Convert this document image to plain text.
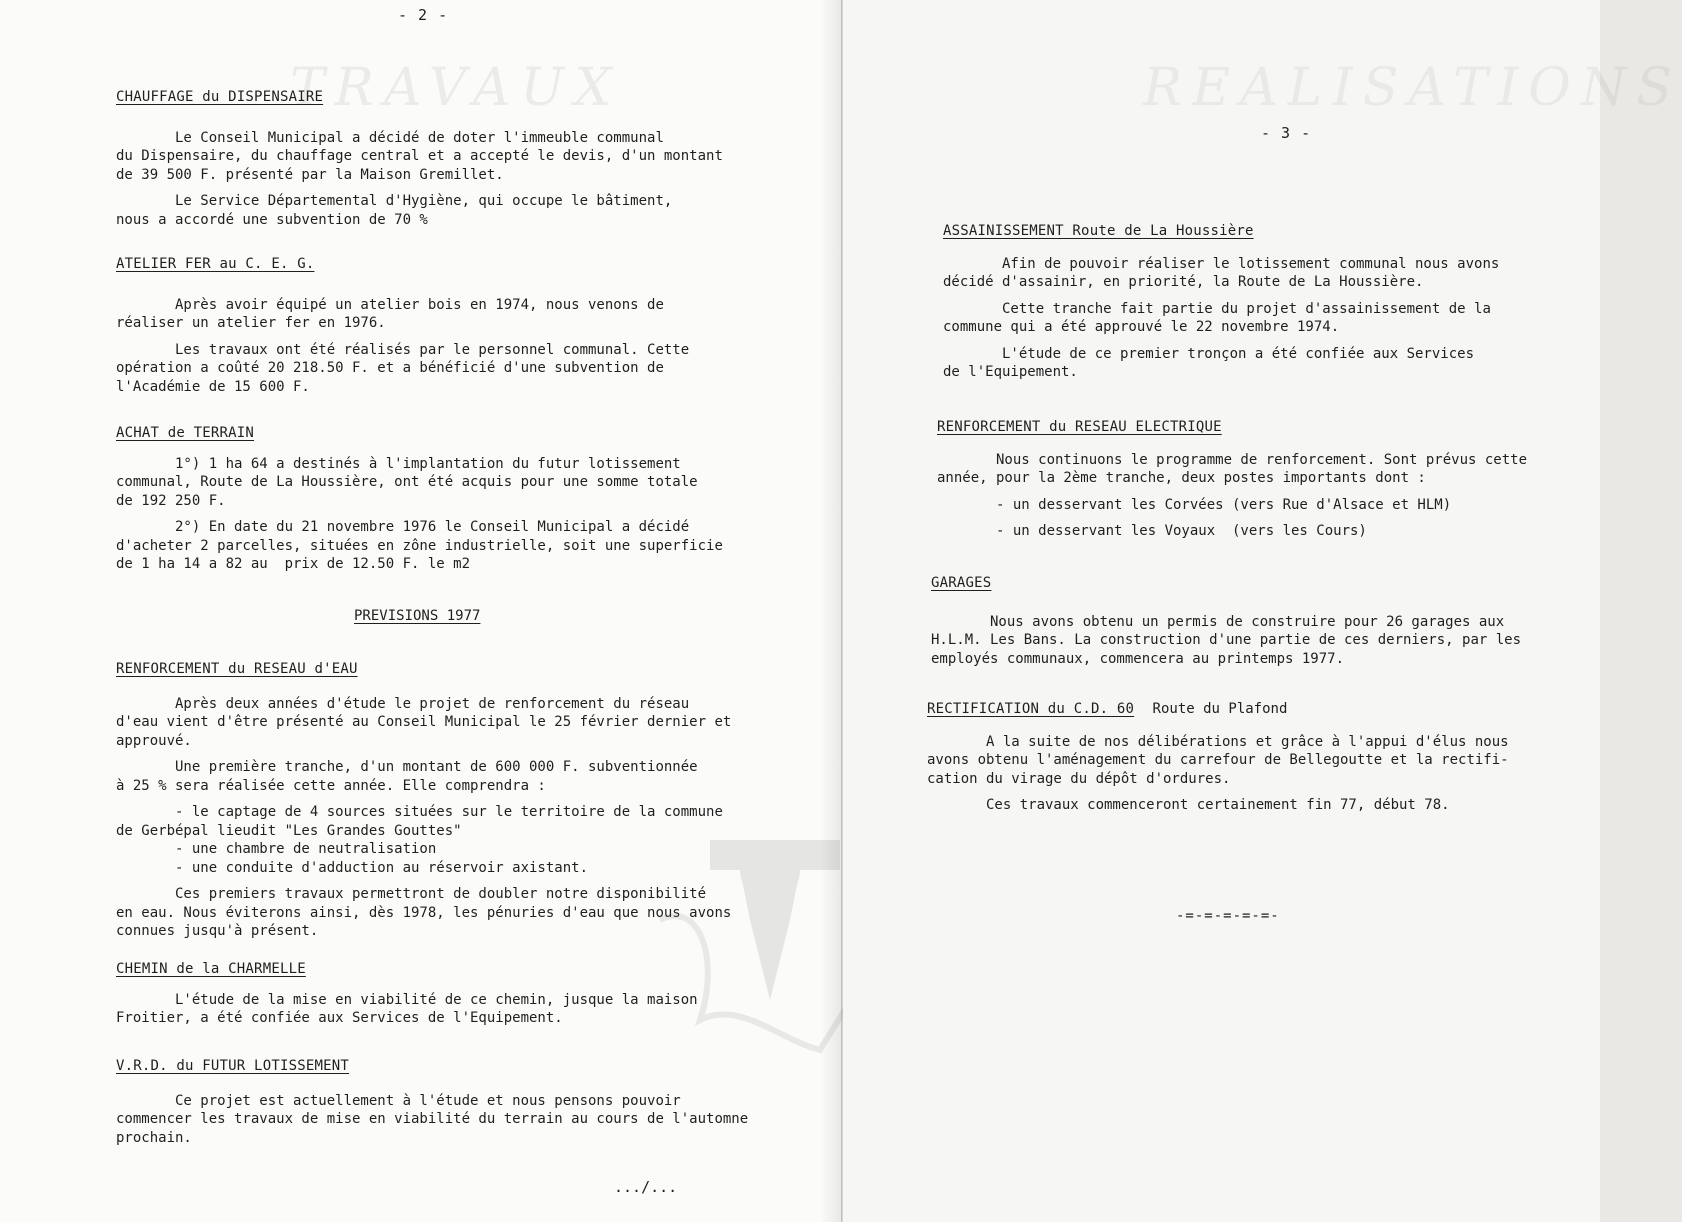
TRAVAUX
- 2 -

CHAUFFAGE du DISPENSAIRE

Le Conseil Municipal a décidé de doter l'immeuble communal
du Dispensaire, du chauffage central et a accepté le devis, d'un montant
de 39 500 F. présenté par la Maison Gremillet.

Le Service Départemental d'Hygiène, qui occupe le bâtiment,
nous a accordé une subvention de 70 %

ATELIER FER au C. E. G.

Après avoir équipé un atelier bois en 1974, nous venons de
réaliser un atelier fer en 1976.

Les travaux ont été réalisés par le personnel communal. Cette
opération a coûté 20 218.50 F. et a bénéficié d'une subvention de
l'Académie de 15 600 F.

ACHAT de TERRAIN

1°) 1 ha 64 a destinés à l'implantation du futur lotissement
communal, Route de La Houssière, ont été acquis pour une somme totale
de 192 250 F.

2°) En date du 21 novembre 1976 le Conseil Municipal a décidé
d'acheter 2 parcelles, situées en zône industrielle, soit une superficie
de 1 ha 14 a 82 au  prix de 12.50 F. le m2

PREVISIONS 1977

RENFORCEMENT du RESEAU d'EAU

Après deux années d'étude le projet de renforcement du réseau
d'eau vient d'être présenté au Conseil Municipal le 25 février dernier et
approuvé.

Une première tranche, d'un montant de 600 000 F. subventionnée
à 25 % sera réalisée cette année. Elle comprendra :

- le captage de 4 sources situées sur le territoire de la commune
de Gerbépal lieudit "Les Grandes Gouttes"
- une chambre de neutralisation
- une conduite d'adduction au réservoir axistant.

Ces premiers travaux permettront de doubler notre disponibilité
en eau. Nous éviterons ainsi, dès 1978, les pénuries d'eau que nous avons
connues jusqu'à présent.

CHEMIN de la CHARMELLE

L'étude de la mise en viabilité de ce chemin, jusque la maison
Froitier, a été confiée aux Services de l'Equipement.

V.R.D. du FUTUR LOTISSEMENT

Ce projet est actuellement à l'étude et nous pensons pouvoir
commencer les travaux de mise en viabilité du terrain au cours de l'automne
prochain.

.../...
REALISATIONS
- 3 -

ASSAINISSEMENT Route de La Houssière

Afin de pouvoir réaliser le lotissement communal nous avons
décidé d'assainir, en priorité, la Route de La Houssière.

Cette tranche fait partie du projet d'assainissement de la
commune qui a été approuvé le 22 novembre 1974.

L'étude de ce premier tronçon a été confiée aux Services
de l'Equipement.

RENFORCEMENT du RESEAU ELECTRIQUE

Nous continuons le programme de renforcement. Sont prévus cette
année, pour la 2ème tranche, deux postes importants dont :

- un desservant les Corvées (vers Rue d'Alsace et HLM)

- un desservant les Voyaux  (vers les Cours)

GARAGES

Nous avons obtenu un permis de construire pour 26 garages aux
H.L.M. Les Bans. La construction d'une partie de ces derniers, par les
employés communaux, commencera au printemps 1977.

RECTIFICATION du C.D. 60 Route du Plafond

A la suite de nos délibérations et grâce à l'appui d'élus nous
avons obtenu l'aménagement du carrefour de Bellegoutte et la rectifi-
cation du virage du dépôt d'ordures.

Ces travaux commenceront certainement fin 77, début 78.

-=-=-=-=-=-
